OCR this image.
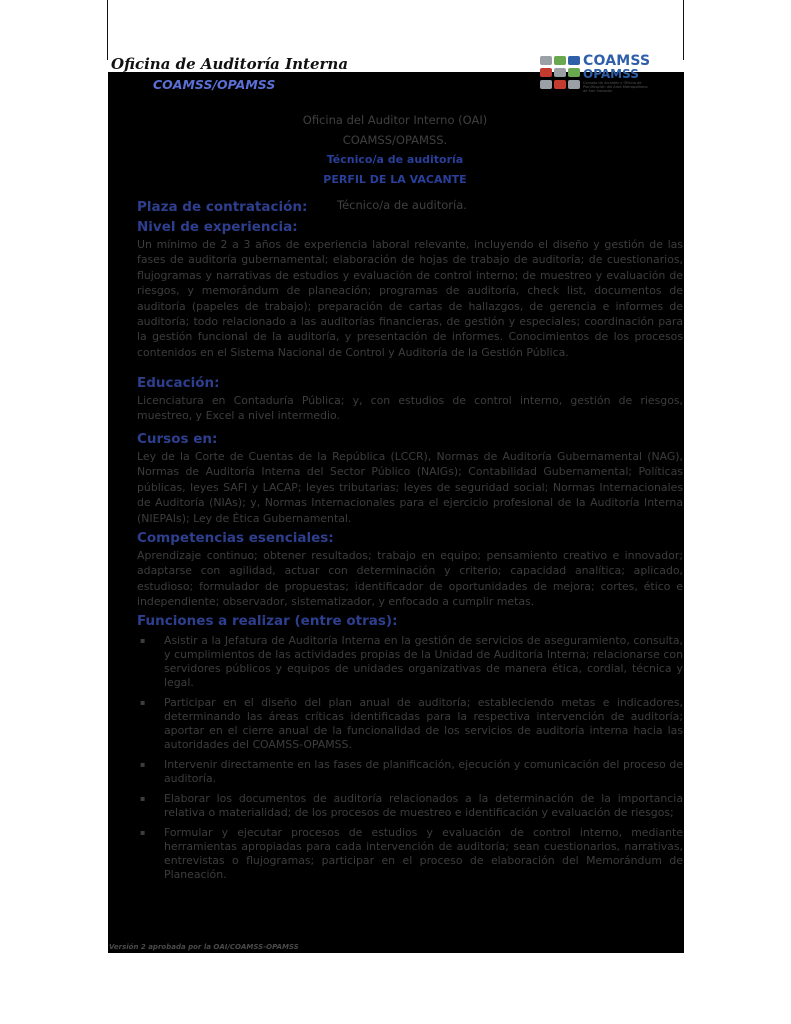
Oficina de Auditoría Interna
COAMSS/OPAMSS
COAMSS
OPAMSS
Consejo de Alcaldes y Oficina de Planificación del Área Metropolitana de San Salvador
Oficina del Auditor Interno (OAI)
COAMSS/OPAMSS.
Técnico/a de auditoría
PERFIL DE LA VACANTE
Plaza de contratación:	Técnico/a de auditoría.
Nivel de experiencia:

Un mínimo de 2 a 3 años de experiencia laboral relevante, incluyendo el diseño y gestión de las fases de auditoría gubernamental; elaboración de hojas de trabajo de auditoría; de cuestionarios, flujogramas y narrativas de estudios y evaluación de control interno; de muestreo y evaluación de riesgos, y memorándum de planeación; programas de auditoría, check list, documentos de auditoría (papeles de trabajo); preparación de cartas de hallazgos, de gerencia e informes de auditoría; todo relacionado a las auditorías financieras, de gestión y especiales; coordinación para la gestión funcional de la auditoría, y presentación de informes. Conocimientos de los procesos contenidos en el Sistema Nacional de Control y Auditoría de la Gestión Pública.

Educación:

Licenciatura en Contaduría Pública; y, con estudios de control interno, gestión de riesgos, muestreo, y Excel a nivel intermedio.

Cursos en:

Ley de la Corte de Cuentas de la República (LCCR), Normas de Auditoría Gubernamental (NAG), Normas de Auditoría Interna del Sector Público (NAIGs); Contabilidad Gubernamental; Políticas públicas, leyes SAFI y LACAP; leyes tributarias; leyes de seguridad social; Normas Internacionales de Auditoría (NIAs); y, Normas Internacionales para el ejercicio profesional de la Auditoría Interna (NIEPAIs); Ley de Ética Gubernamental.

Competencias esenciales:

Aprendizaje continuo; obtener resultados; trabajo en equipo; pensamiento creativo e innovador; adaptarse con agilidad, actuar con determinación y criterio; capacidad analítica; aplicado, estudioso; formulador de propuestas; identificador de oportunidades de mejora; cortes, ético e independiente; observador, sistematizador, y enfocado a cumplir metas.

Funciones a realizar (entre otras):
▪ Asistir a la Jefatura de Auditoría Interna en la gestión de servicios de aseguramiento, consulta, y cumplimientos de las actividades propias de la Unidad de Auditoría Interna; relacionarse con servidores públicos y equipos de unidades organizativas de manera ética, cordial, técnica y legal.
▪ Participar en el diseño del plan anual de auditoría; estableciendo metas e indicadores, determinando las áreas críticas identificadas para la respectiva intervención de auditoría; aportar en el cierre anual de la funcionalidad de los servicios de auditoría interna hacia las autoridades del COAMSS-OPAMSS.
▪ Intervenir directamente en las fases de planificación, ejecución y comunicación del proceso de auditoría.
▪ Elaborar los documentos de auditoría relacionados a la determinación de la importancia relativa o materialidad; de los procesos de muestreo e identificación y evaluación de riesgos;
▪ Formular y ejecutar procesos de estudios y evaluación de control interno, mediante herramientas apropiadas para cada intervención de auditoría; sean cuestionarios, narrativas, entrevistas o flujogramas; participar en el proceso de elaboración del Memorándum de Planeación.
Versión 2 aprobada por la OAI/COAMSS-OPAMSS
